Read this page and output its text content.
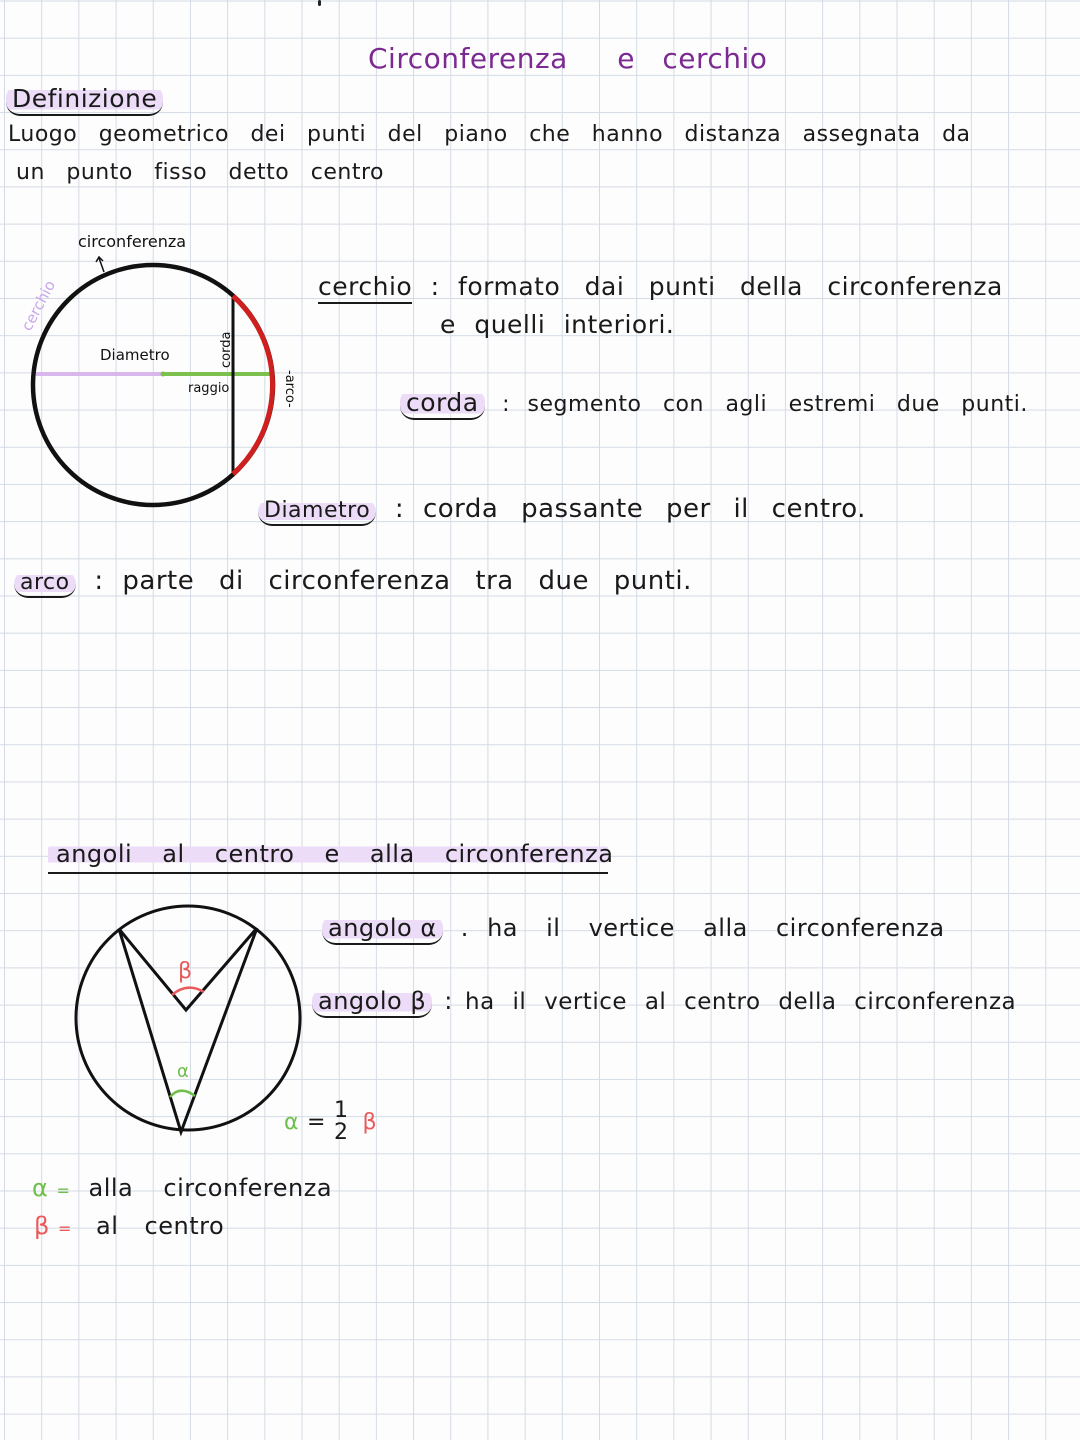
Circonferenza e cerchio
Definizione
Luogo geometrico dei punti del piano che hanno distanza assegnata da
un punto fisso detto centro
circonferenza
cerchio
Diametro
raggio
corda
-arco-
cerchio : formato dai punti della circonferenza
e quelli interiori.
corda : segmento con agli estremi due punti.
Diametro : corda passante per il centro.
arco : parte di circonferenza tra due punti.
angoli al centro e alla circonferenza
β
α
α = 1
2 β
angolo α . ha il vertice alla circonferenza
angolo β : ha il vertice al centro della circonferenza
α = alla circonferenza
β = al centro
